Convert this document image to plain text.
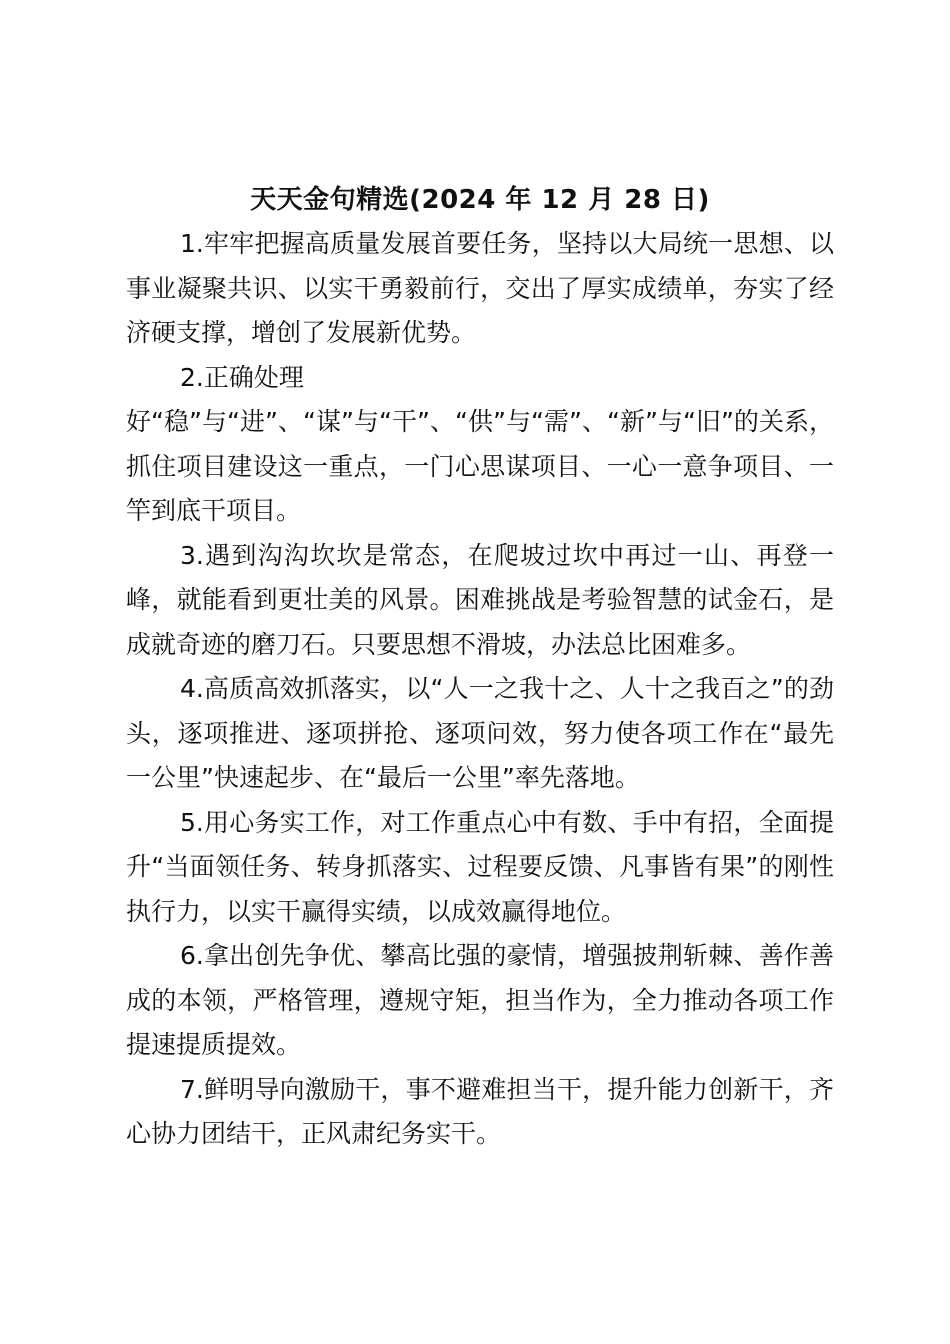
天天金句精选(2024 年 12 月 28 日)

1.牢牢把握高质量发展首要任务，坚持以大局统一思想、以事业凝聚共识、以实干勇毅前行，交出了厚实成绩单，夯实了经济硬支撑，增创了发展新优势。

2.正确处理

好“稳”与“进”、“谋”与“干”、“供”与“需”、“新”与“旧”的关系，抓住项目建设这一重点，一门心思谋项目、一心一意争项目、一竿到底干项目。

3.遇到沟沟坎坎是常态，在爬坡过坎中再过一山、再登一峰，就能看到更壮美的风景。困难挑战是考验智慧的试金石，是成就奇迹的磨刀石。只要思想不滑坡，办法总比困难多。

4.高质高效抓落实，以“人一之我十之、人十之我百之”的劲头，逐项推进、逐项拼抢、逐项问效，努力使各项工作在“最先一公里”快速起步、在“最后一公里”率先落地。

5.用心务实工作，对工作重点心中有数、手中有招，全面提升“当面领任务、转身抓落实、过程要反馈、凡事皆有果”的刚性执行力，以实干赢得实绩，以成效赢得地位。

6.拿出创先争优、攀高比强的豪情，增强披荆斩棘、善作善成的本领，严格管理，遵规守矩，担当作为，全力推动各项工作提速提质提效。

7.鲜明导向激励干，事不避难担当干，提升能力创新干，齐心协力团结干，正风肃纪务实干。
